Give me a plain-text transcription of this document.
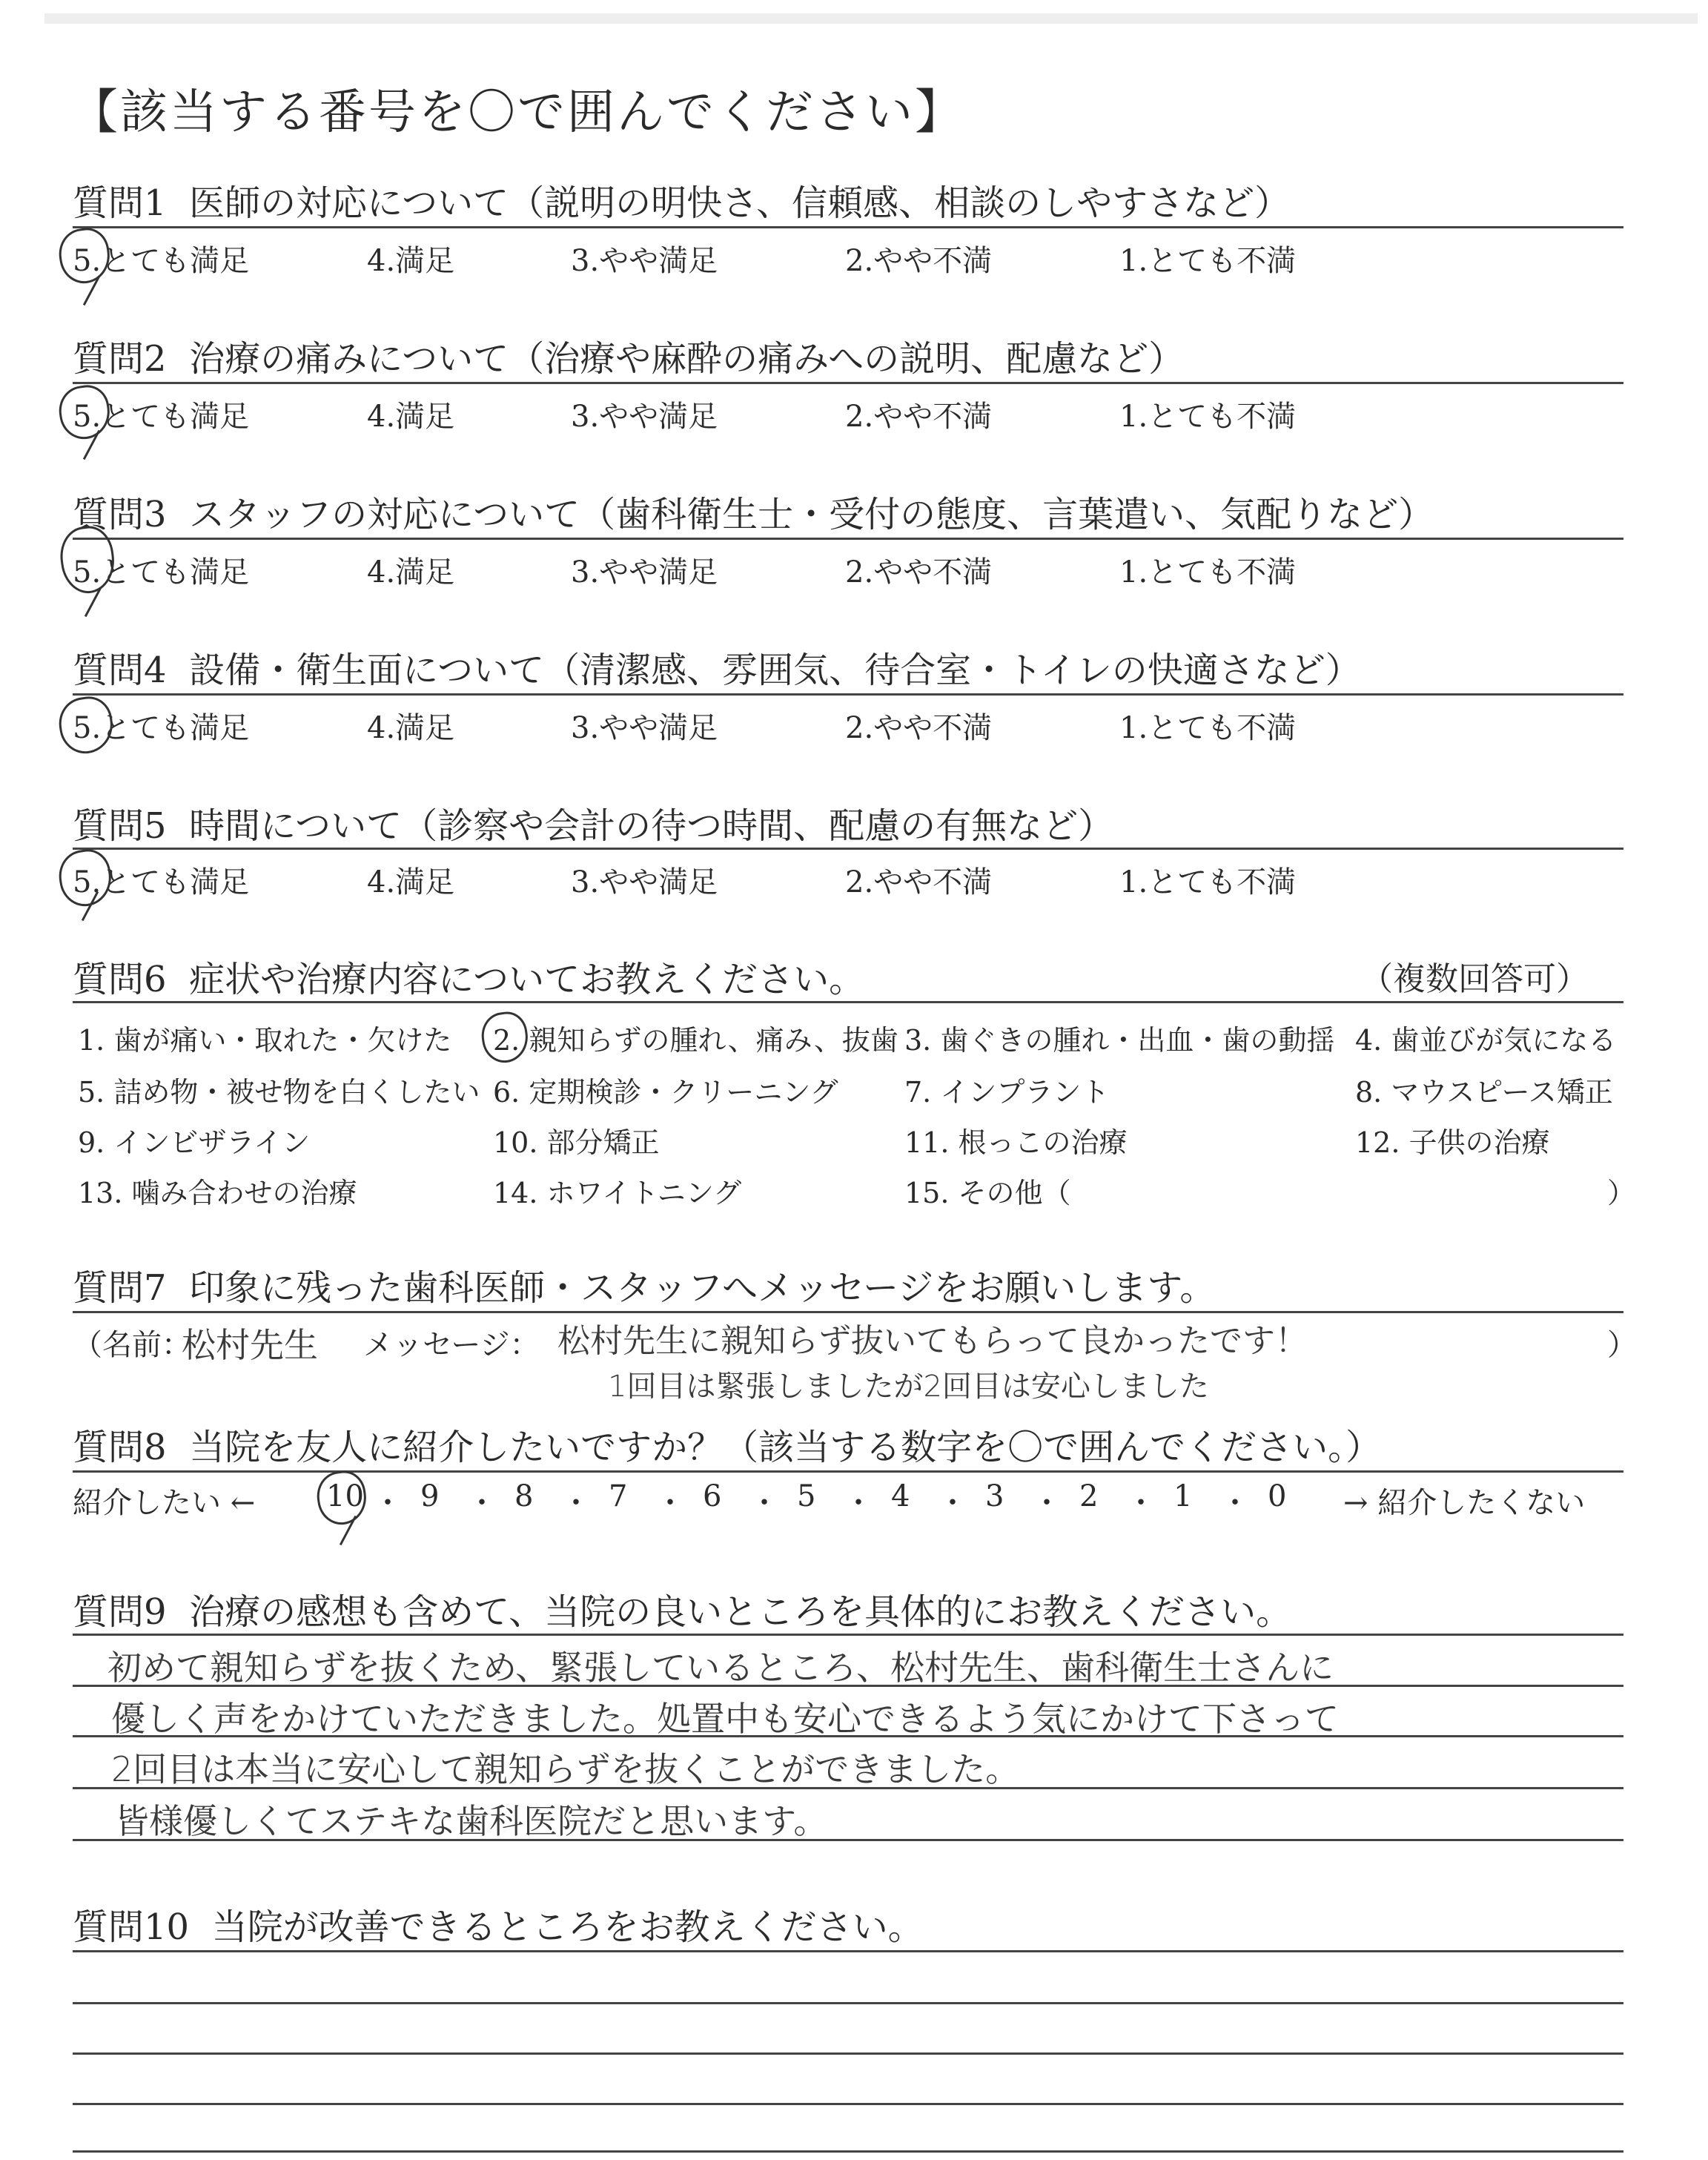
【該当する番号を〇で囲んでください】
質問1 医師の対応について（説明の明快さ、信頼感、相談のしやすさなど）
5.とても満足	4.満足	3.やや満足	2.やや不満	1.とても不満
質問2 治療の痛みについて（治療や麻酔の痛みへの説明、配慮など）
5.とても満足	4.満足	3.やや満足	2.やや不満	1.とても不満
質問3 スタッフの対応について（歯科衛生士・受付の態度、言葉遣い、気配りなど）
5.とても満足	4.満足	3.やや満足	2.やや不満	1.とても不満
質問4 設備・衛生面について（清潔感、雰囲気、待合室・トイレの快適さなど）
5.とても満足	4.満足	3.やや満足	2.やや不満	1.とても不満
質問5 時間について（診察や会計の待つ時間、配慮の有無など）
5.とても満足	4.満足	3.やや満足	2.やや不満	1.とても不満
質問6 症状や治療内容についてお教えください。	（複数回答可）
1. 歯が痛い・取れた・欠けた 2. 親知らずの腫れ、痛み、抜歯 3. 歯ぐきの腫れ・出血・歯の動揺 4. 歯並びが気になる
5. 詰め物・被せ物を白くしたい 6. 定期検診・クリーニング 7. インプラント	8. マウスピース矯正
9. インビザライン	10. 部分矯正	11. 根っこの治療	12. 子供の治療
13. 噛み合わせの治療	14. ホワイトニング	15. その他（	）
質問7 印象に残った歯科医師・スタッフへメッセージをお願いします。
（名前：
松村先生 メッセージ： 松村先生に親知らず抜いてもらって良かったです！
1回目は緊張しましたが2回目は安心しました
）
質問8 当院を友人に紹介したいですか？（該当する数字を〇で囲んでください。）
紹介したい ← 10 ・ 9 ・ 8 ・ 7 ・ 6 ・ 5 ・ 4 ・ 3 ・ 2 ・ 1 ・ 0 → 紹介したくない
質問9 治療の感想も含めて、当院の良いところを具体的にお教えください。
初めて親知らずを抜くため、緊張しているところ、松村先生、歯科衛生士さんに
優しく声をかけていただきました。処置中も安心できるよう気にかけて下さって
2回目は本当に安心して親知らずを抜くことができました。
皆様優しくてステキな歯科医院だと思います。
質問10 当院が改善できるところをお教えください。
